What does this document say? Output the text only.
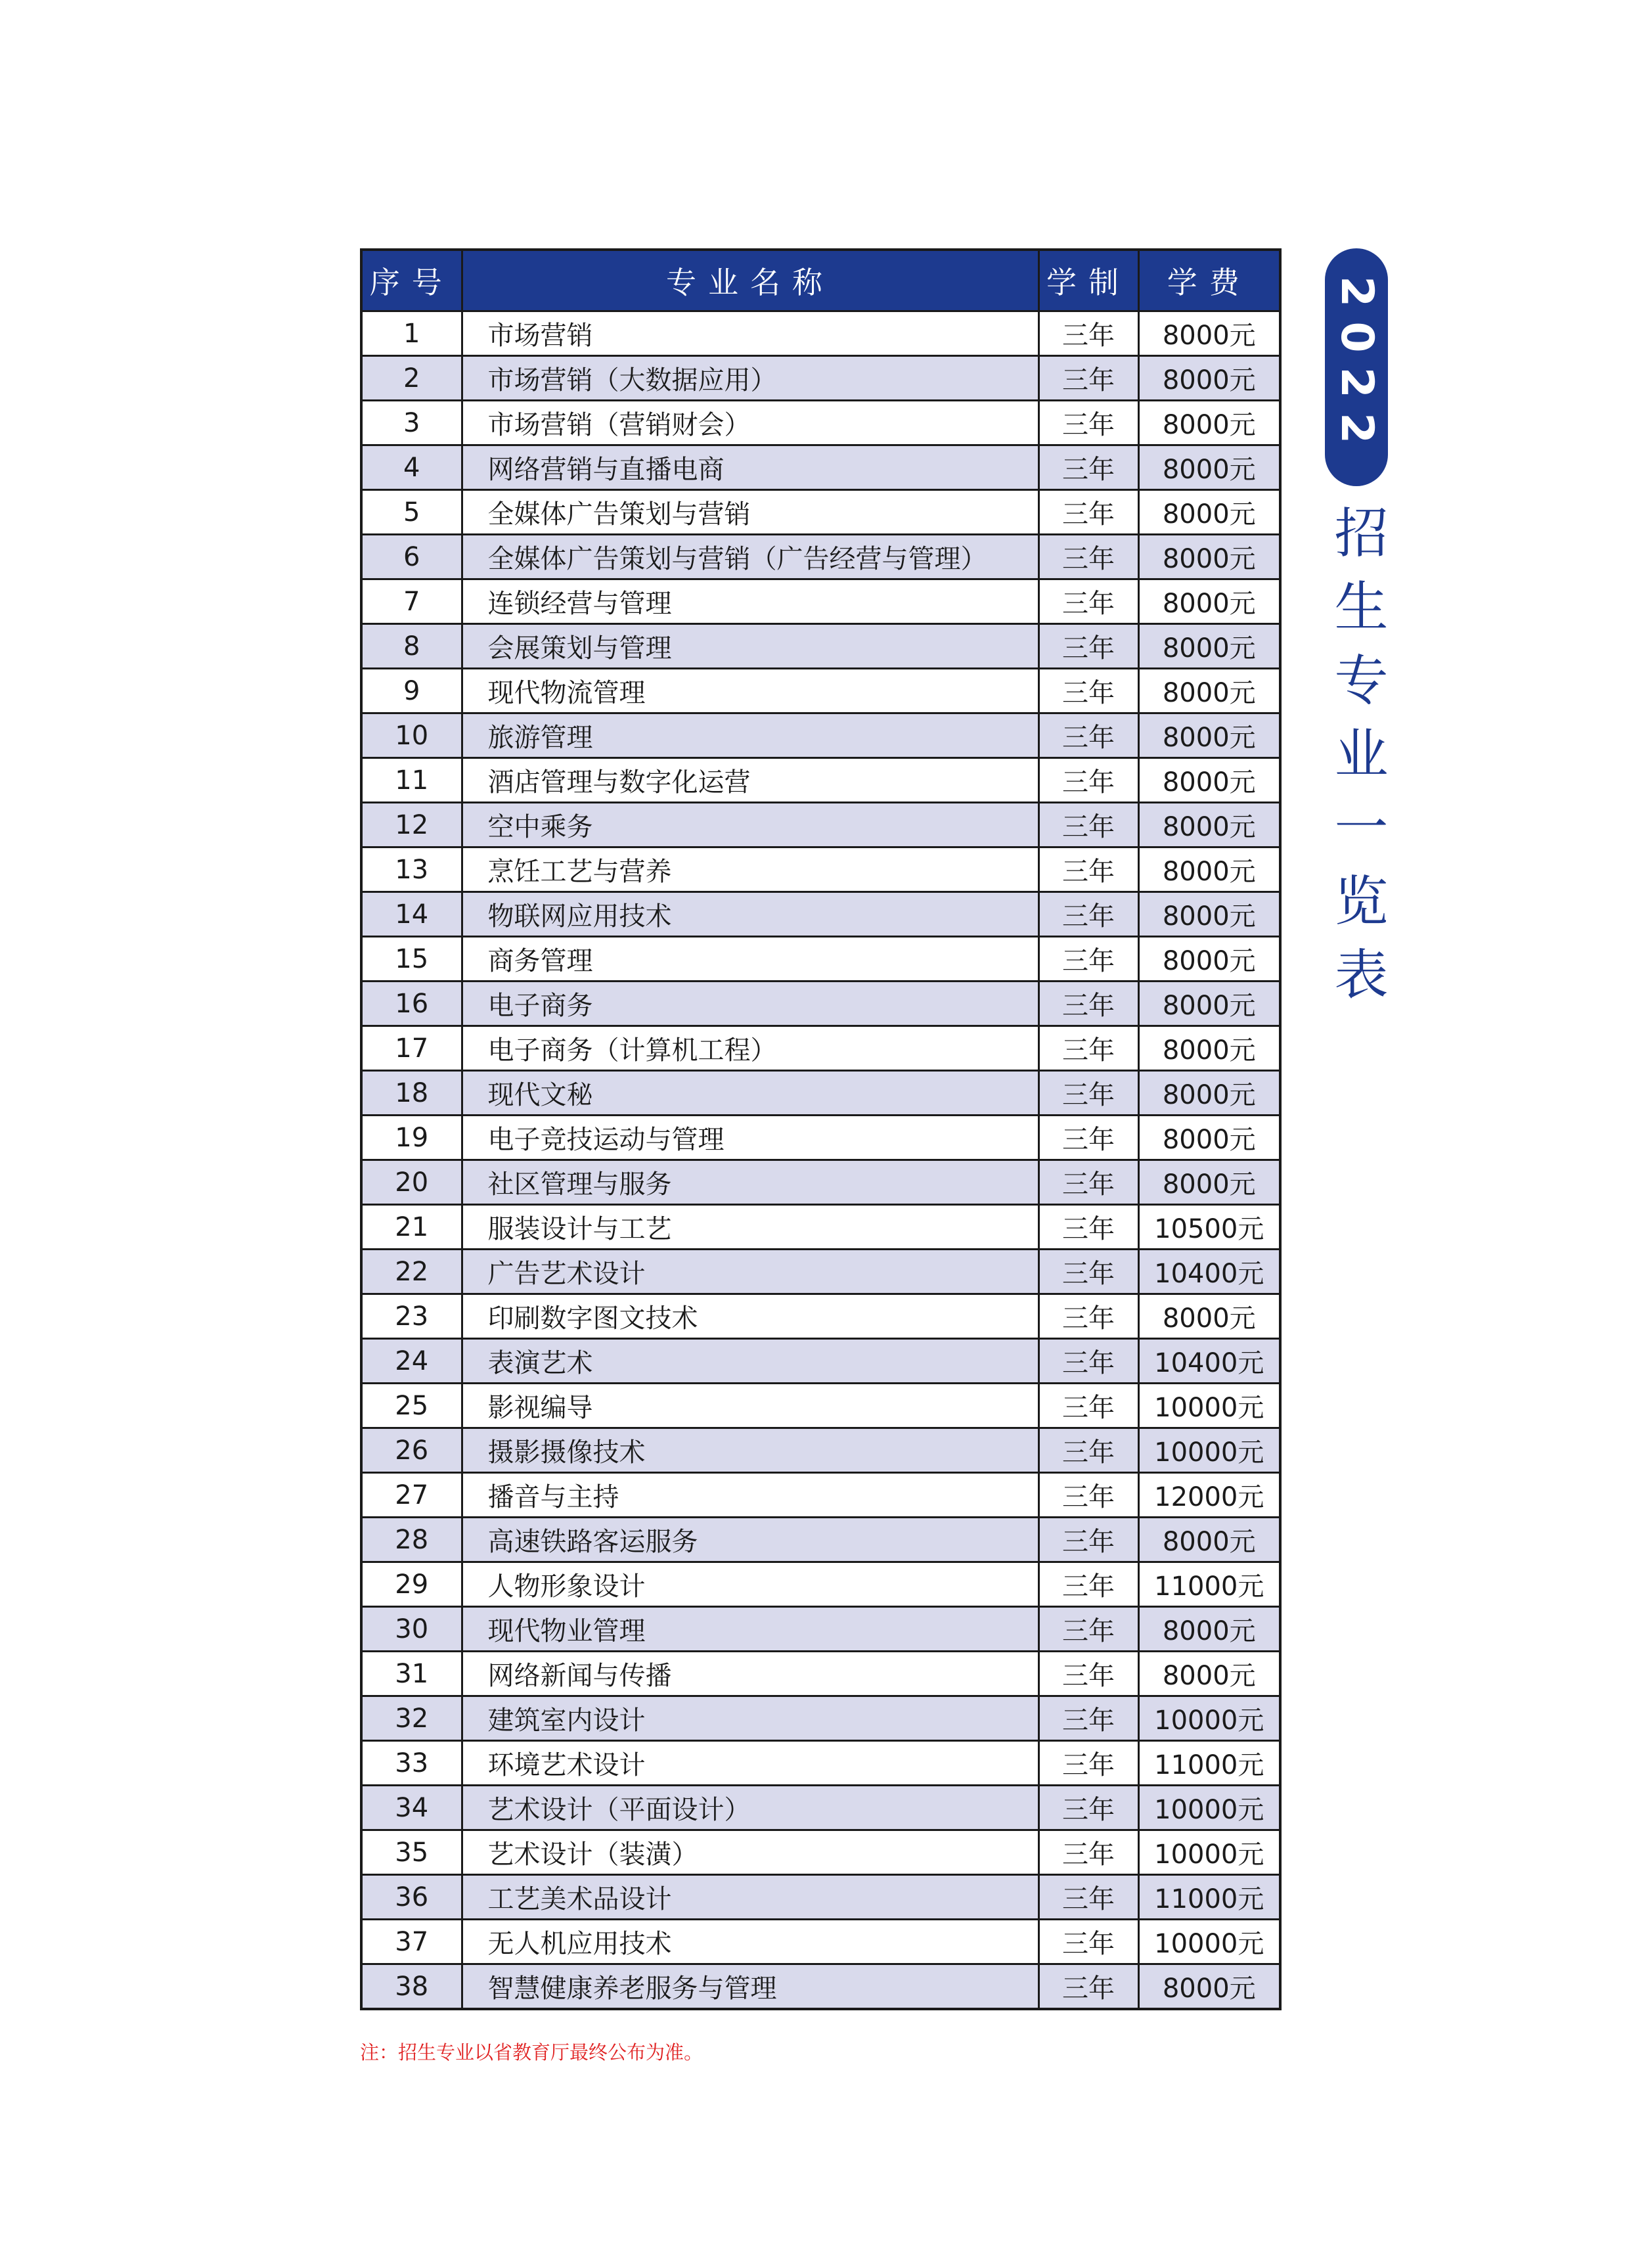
序号	专业名称	学制	学费
1	市场营销	三年	8000元
2	市场营销（大数据应用）	三年	8000元
3	市场营销（营销财会）	三年	8000元
4	网络营销与直播电商	三年	8000元
5	全媒体广告策划与营销	三年	8000元
6	全媒体广告策划与营销（广告经营与管理）	三年	8000元
7	连锁经营与管理	三年	8000元
8	会展策划与管理	三年	8000元
9	现代物流管理	三年	8000元
10	旅游管理	三年	8000元
11	酒店管理与数字化运营	三年	8000元
12	空中乘务	三年	8000元
13	烹饪工艺与营养	三年	8000元
14	物联网应用技术	三年	8000元
15	商务管理	三年	8000元
16	电子商务	三年	8000元
17	电子商务（计算机工程）	三年	8000元
18	现代文秘	三年	8000元
19	电子竞技运动与管理	三年	8000元
20	社区管理与服务	三年	8000元
21	服装设计与工艺	三年	10500元
22	广告艺术设计	三年	10400元
23	印刷数字图文技术	三年	8000元
24	表演艺术	三年	10400元
25	影视编导	三年	10000元
26	摄影摄像技术	三年	10000元
27	播音与主持	三年	12000元
28	高速铁路客运服务	三年	8000元
29	人物形象设计	三年	11000元
30	现代物业管理	三年	8000元
31	网络新闻与传播	三年	8000元
32	建筑室内设计	三年	10000元
33	环境艺术设计	三年	11000元
34	艺术设计（平面设计）	三年	10000元
35	艺术设计（装潢）	三年	10000元
36	工艺美术品设计	三年	11000元
37	无人机应用技术	三年	10000元
38	智慧健康养老服务与管理	三年	8000元
2022
招生专业一览表
注：招生专业以省教育厅最终公布为准。
